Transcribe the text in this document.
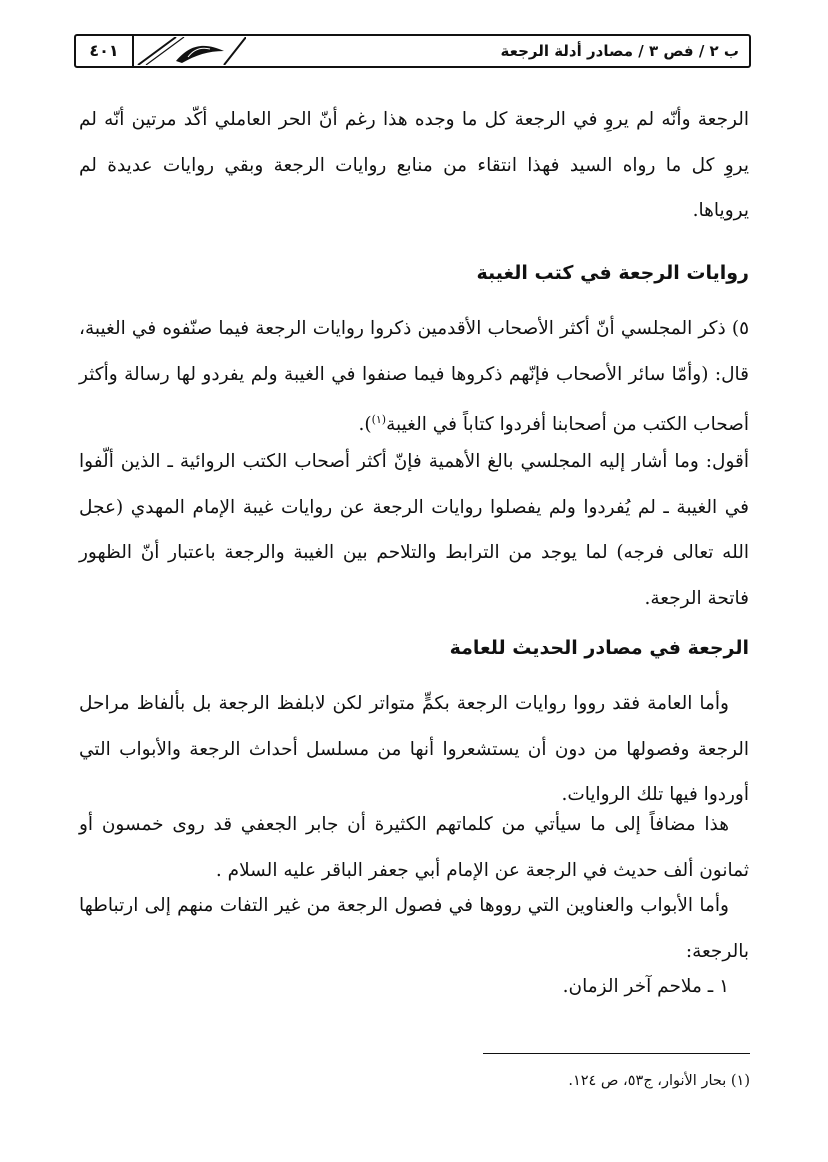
٤٠١	ب ٢ / فص ٣ / مصادر أدلة الرجعة

الرجعة وأنّه لم يروِ في الرجعة كل ما وجده هذا رغم أنّ الحر العاملي أكّد مرتين أنّه لم يروِ كل ما رواه السيد فهذا انتقاء من منابع روايات الرجعة وبقي روايات عديدة لم يروياها.

روايات الرجعة في كتب الغيبة

٥) ذكر المجلسي أنّ أكثر الأصحاب الأقدمين ذكروا روايات الرجعة فيما صنّفوه في الغيبة، قال: (وأمّا سائر الأصحاب فإنّهم ذكروها فيما صنفوا في الغيبة ولم يفردو لها رسالة وأكثر أصحاب الكتب من أصحابنا أفردوا كتاباً في الغيبة$^{(١)}$).

أقول: وما أشار إليه المجلسي بالغ الأهمية فإنّ أكثر أصحاب الكتب الروائية ـ الذين ألّفوا في الغيبة ـ لم يُفردوا ولم يفصلوا روايات الرجعة عن روايات غيبة الإمام المهدي (عجل الله تعالى فرجه) لما يوجد من الترابط والتلاحم بين الغيبة والرجعة باعتبار أنّ الظهور فاتحة الرجعة.

الرجعة في مصادر الحديث للعامة

وأما العامة فقد رووا روايات الرجعة بكمٍّ متواتر لكن لابلفظ الرجعة بل بألفاظ مراحل الرجعة وفصولها من دون أن يستشعروا أنها من مسلسل أحداث الرجعة والأبواب التي أوردوا فيها تلك الروايات.

هذا مضافاً إلى ما سيأتي من كلماتهم الكثيرة أن جابر الجعفي قد روى خمسون أو ثمانون ألف حديث في الرجعة عن الإمام أبي جعفر الباقر عليه السلام .

وأما الأبواب والعناوين التي رووها في فصول الرجعة من غير التفات منهم إلى ارتباطها بالرجعة:

١ ـ ملاحم آخر الزمان.

(١) بحار الأنوار، ج٥٣، ص ١٢٤.
